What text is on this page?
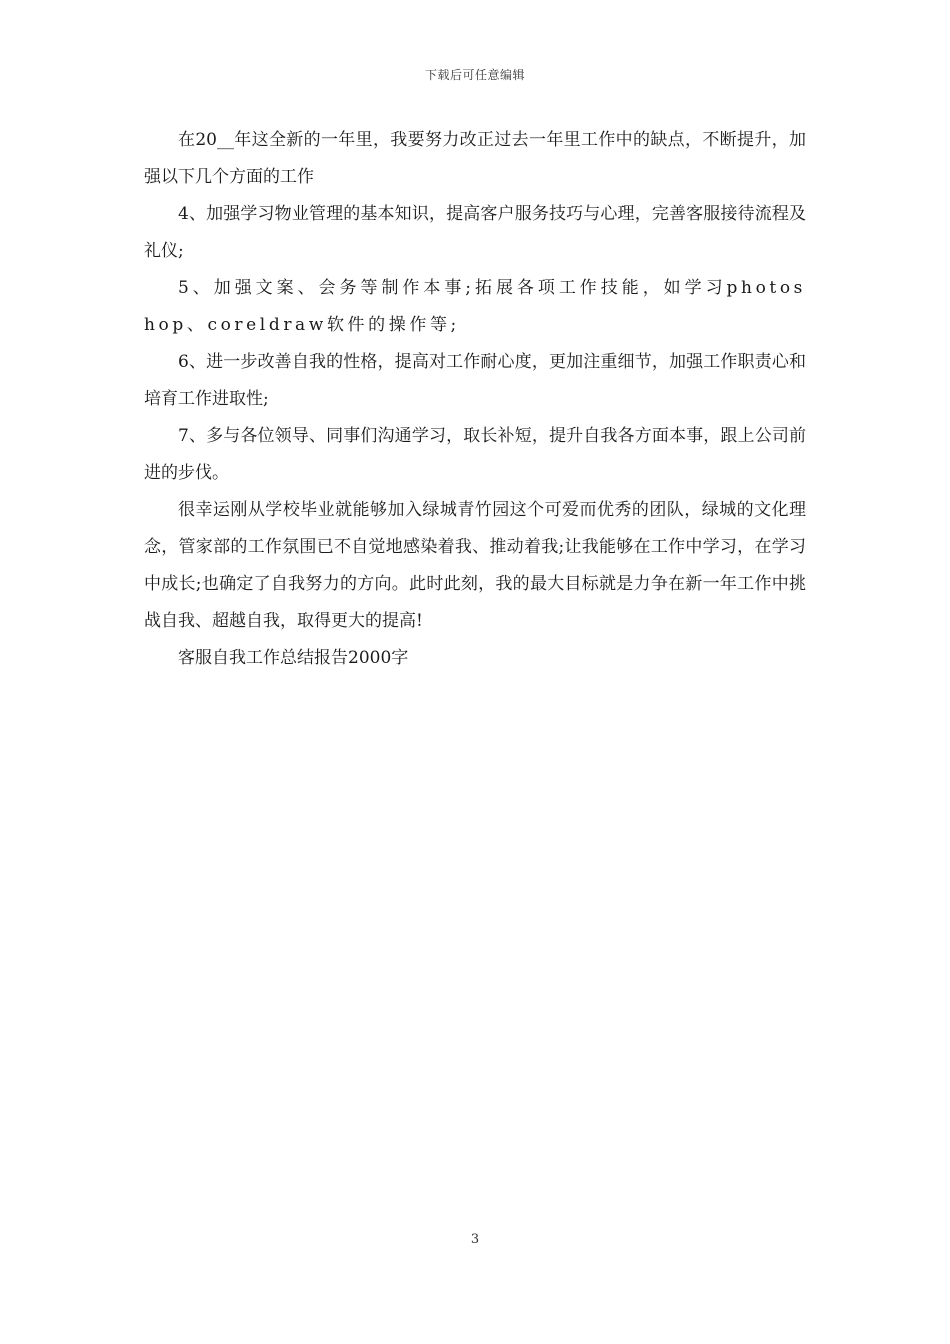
下载后可任意编辑

在20__年这全新的一年里，我要努力改正过去一年里工作中的缺点，不断提升，加强以下几个方面的工作

4、加强学习物业管理的基本知识，提高客户服务技巧与心理，完善客服接待流程及礼仪;

5、加强文案、会务等制作本事;拓展各项工作技能，如学习photoshop、coreldraw软件的操作等;

6、进一步改善自我的性格，提高对工作耐心度，更加注重细节，加强工作职责心和培育工作进取性;

7、多与各位领导、同事们沟通学习，取长补短，提升自我各方面本事，跟上公司前进的步伐。

很幸运刚从学校毕业就能够加入绿城青竹园这个可爱而优秀的团队，绿城的文化理念，管家部的工作氛围已不自觉地感染着我、推动着我;让我能够在工作中学习，在学习中成长;也确定了自我努力的方向。此时此刻，我的最大目标就是力争在新一年工作中挑战自我、超越自我，取得更大的提高!

客服自我工作总结报告2000字

3
